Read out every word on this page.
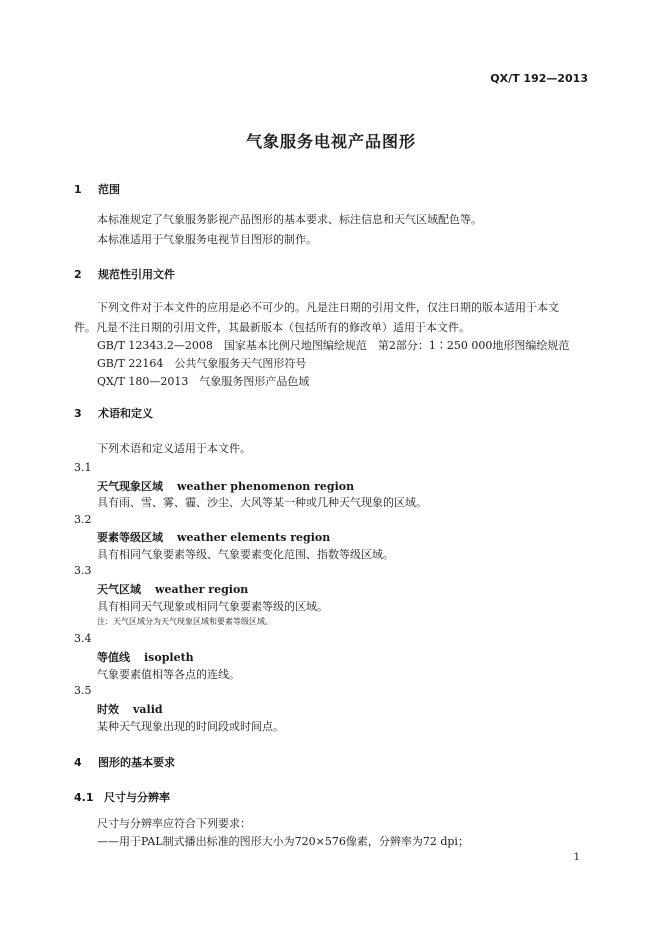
QX/T 192—2013
气象服务电视产品图形
1 范围
本标准规定了气象服务影视产品图形的基本要求、标注信息和天气区域配色等。
本标准适用于气象服务电视节目图形的制作。
2 规范性引用文件
下列文件对于本文件的应用是必不可少的。凡是注日期的引用文件，仅注日期的版本适用于本文
件。凡是不注日期的引用文件，其最新版本（包括所有的修改单）适用于本文件。
GB/T 12343.2—2008　国家基本比例尺地图编绘规范　第2部分：1∶250 000地形图编绘规范
GB/T 22164　公共气象服务天气图形符号
QX/T 180—2013　气象服务图形产品色域
3 术语和定义
下列术语和定义适用于本文件。
3.1
天气现象区域 weather phenomenon region
具有雨、雪、雾、霾、沙尘、大风等某一种或几种天气现象的区域。
3.2
要素等级区域 weather elements region
具有相同气象要素等级、气象要素变化范围、指数等级区域。
3.3
天气区域 weather region
具有相同天气现象或相同气象要素等级的区域。
注：天气区域分为天气现象区域和要素等级区域。
3.4
等值线 isopleth
气象要素值相等各点的连线。
3.5
时效 valid
某种天气现象出现的时间段或时间点。
4 图形的基本要求
4.1 尺寸与分辨率
尺寸与分辨率应符合下列要求：
——用于PAL制式播出标准的图形大小为720×576像素，分辨率为72 dpi；
1
